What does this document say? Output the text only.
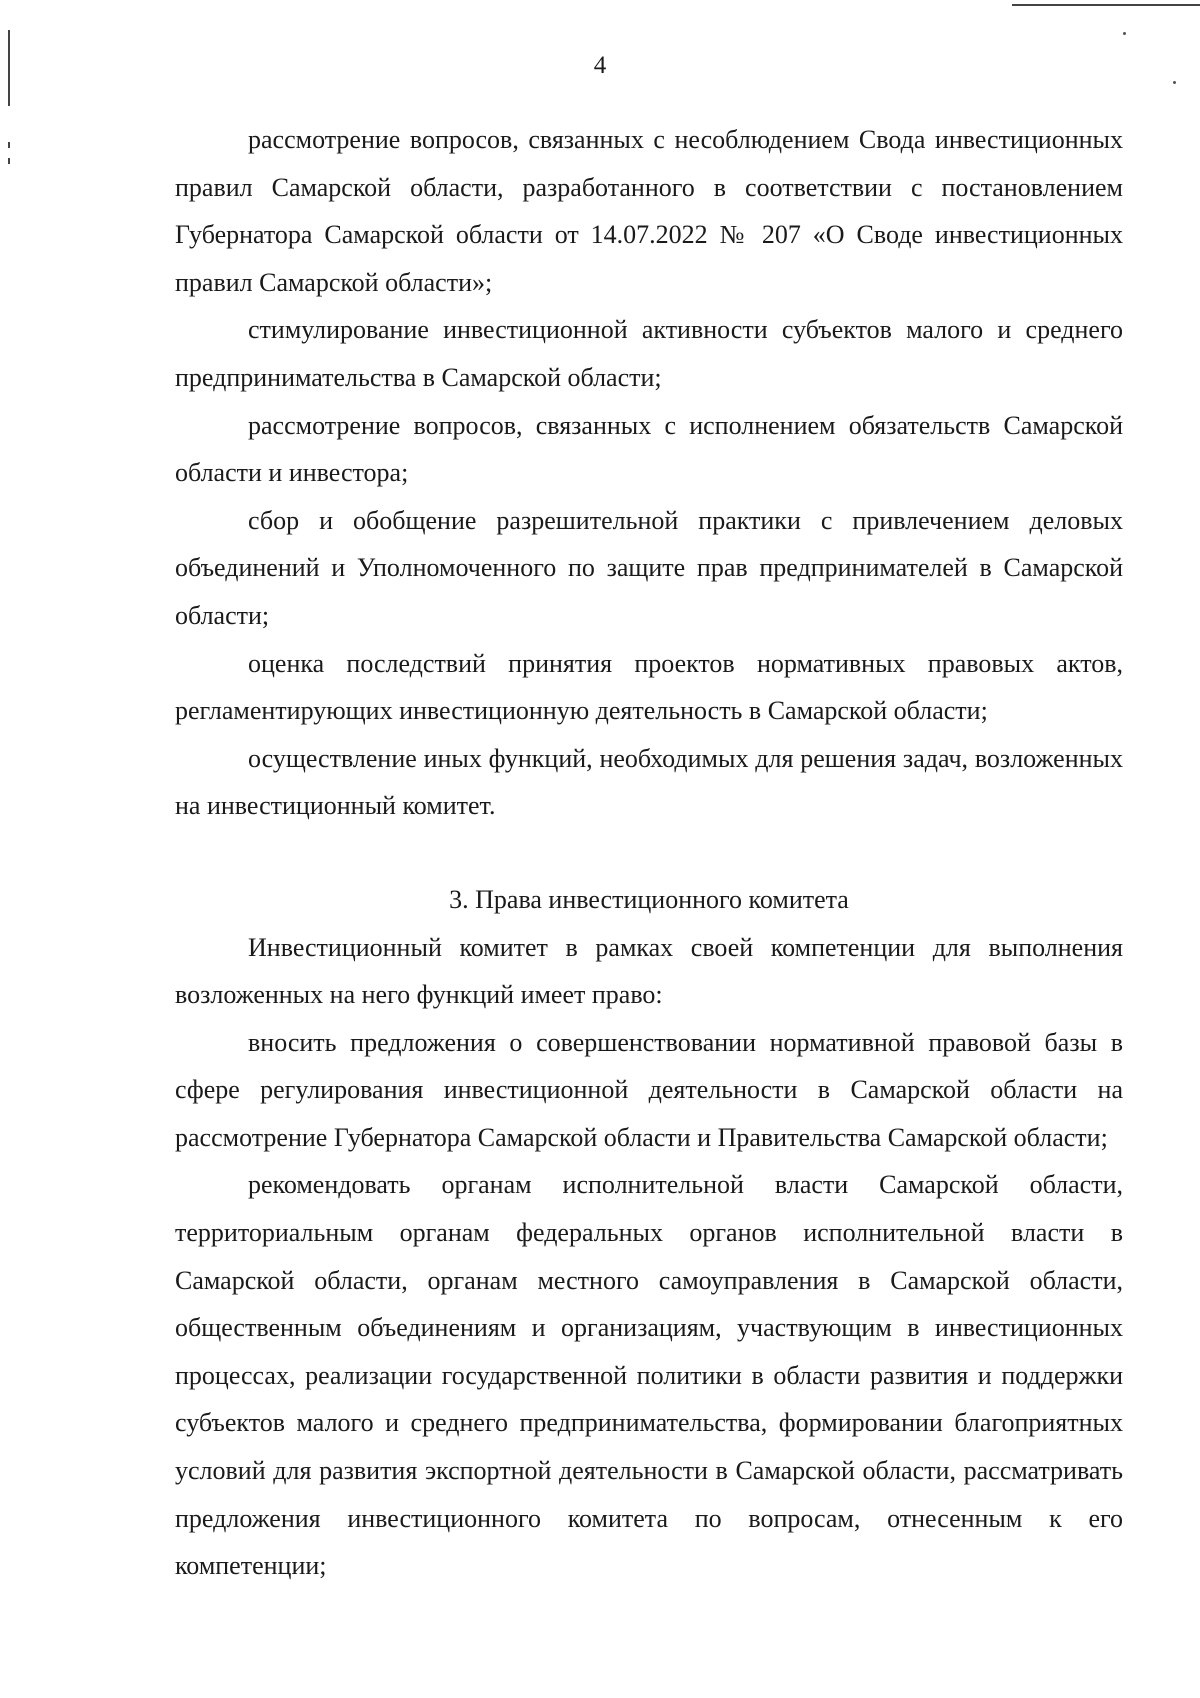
4

рассмотрение вопросов, связанных с несоблюдением Свода инвестиционных правил Самарской области, разработанного в соответствии с постановлением Губернатора Самарской области от 14.07.2022 № 207 «О Своде инвестиционных правил Самарской области»;

стимулирование инвестиционной активности субъектов малого и среднего предпринимательства в Самарской области;

рассмотрение вопросов, связанных с исполнением обязательств Самарской области и инвестора;

сбор и обобщение разрешительной практики с привлечением деловых объединений и Уполномоченного по защите прав предпринимателей в Самарской области;

оценка последствий принятия проектов нормативных правовых актов, регламентирующих инвестиционную деятельность в Самарской области;

осуществление иных функций, необходимых для решения задач, возложенных на инвестиционный комитет.

3. Права инвестиционного комитета

Инвестиционный комитет в рамках своей компетенции для выполнения возложенных на него функций имеет право:

вносить предложения о совершенствовании нормативной правовой базы в сфере регулирования инвестиционной деятельности в Самарской области на рассмотрение Губернатора Самарской области и Правительства Самарской области;

рекомендовать органам исполнительной власти Самарской области, территориальным органам федеральных органов исполнительной власти в Самарской области, органам местного самоуправления в Самарской области, общественным объединениям и организациям, участвующим в инвестиционных процессах, реализации государственной политики в области развития и поддержки субъектов малого и среднего предпринимательства, формировании благоприятных условий для развития экспортной деятельности в Самарской области, рассматривать предложения инвестиционного комитета по вопросам, отнесенным к его компетенции;
